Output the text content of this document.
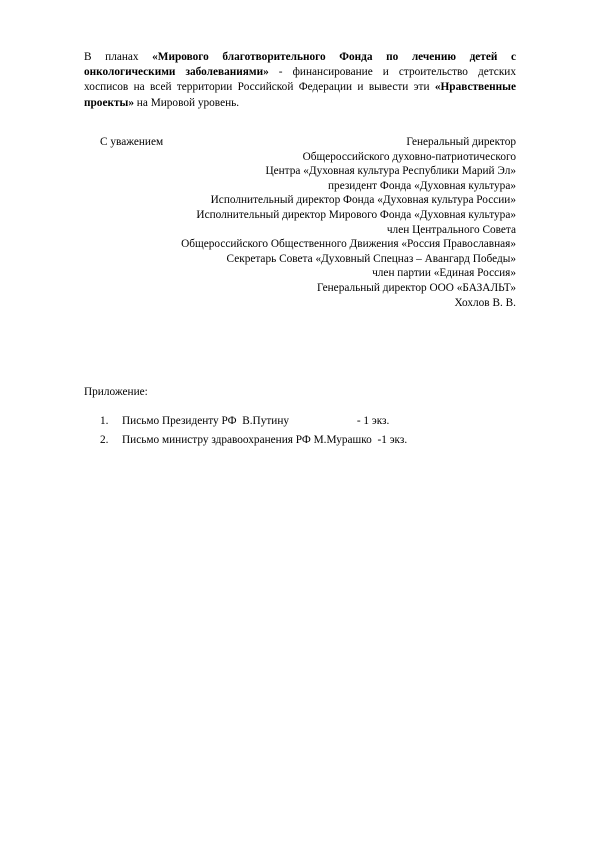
В планах «Мирового благотворительного Фонда по лечению детей с онкологическими заболеваниями» - финансирование и строительство детских хосписов на всей территории Российской Федерации и вывести эти «Нравственные проекты» на Мировой уровень.

С уважением	Генеральный директор
Общероссийского духовно-патриотического
Центра «Духовная культура Республики Марий Эл»
президент Фонда «Духовная культура»
Исполнительный директор Фонда «Духовная культура России»
Исполнительный директор Мирового Фонда «Духовная культура»
член Центрального Совета
Общероссийского Общественного Движения «Россия Православная»
Секретарь Совета «Духовный Спецназ – Авангард Победы»
член партии «Единая Россия»
Генеральный директор ООО «БАЗАЛЬТ»
Хохлов В. В.
Приложение:
1. Письмо Президенту РФ  В.Путину                        - 1 экз.
2. Письмо министру здравоохранения РФ М.Мурашко  -1 экз.
